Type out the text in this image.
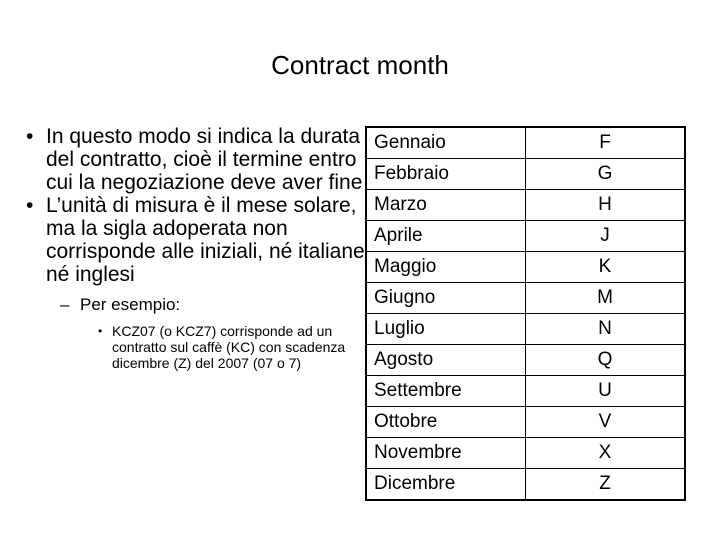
Contract month
• In questo modo si indica la durata del contratto, cioè il termine entro cui la negoziazione deve aver fine
• L’unità di misura è il mese solare, ma la sigla adoperata non corrisponde alle iniziali, né italiane né inglesi
– Per esempio:
• KCZ07 (o KCZ7) corrisponde ad un contratto sul caffè (KC) con scadenza dicembre (Z) del 2007 (07 o 7)
Gennaio	F
Febbraio	G
Marzo	H
Aprile	J
Maggio	K
Giugno	M
Luglio	N
Agosto	Q
Settembre	U
Ottobre	V
Novembre	X
Dicembre	Z
